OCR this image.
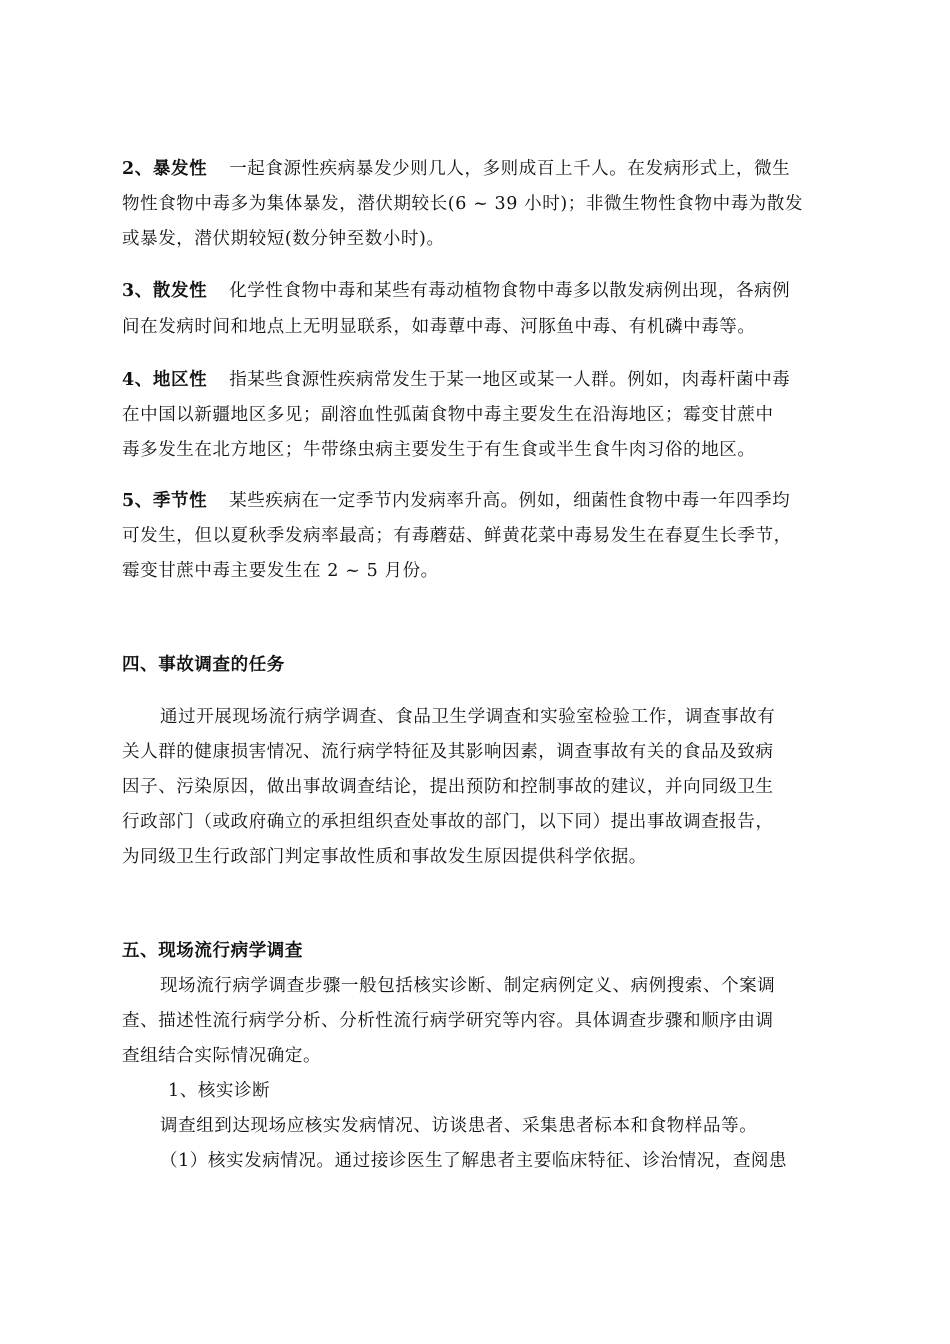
2、暴发性 一起食源性疾病暴发少则几人，多则成百上千人。在发病形式上，微生
物性食物中毒多为集体暴发，潜伏期较长(6 ~ 39 小时)；非微生物性食物中毒为散发
或暴发，潜伏期较短(数分钟至数小时)。
3、散发性 化学性食物中毒和某些有毒动植物食物中毒多以散发病例出现，各病例
间在发病时间和地点上无明显联系，如毒蕈中毒、河豚鱼中毒、有机磷中毒等。
4、地区性 指某些食源性疾病常发生于某一地区或某一人群。例如，肉毒杆菌中毒
在中国以新疆地区多见；副溶血性弧菌食物中毒主要发生在沿海地区；霉变甘蔗中
毒多发生在北方地区；牛带绦虫病主要发生于有生食或半生食牛肉习俗的地区。
5、季节性 某些疾病在一定季节内发病率升高。例如，细菌性食物中毒一年四季均
可发生，但以夏秋季发病率最高；有毒蘑菇、鲜黄花菜中毒易发生在春夏生长季节，
霉变甘蔗中毒主要发生在 2 ~ 5 月份。
四、事故调查的任务
通过开展现场流行病学调查、食品卫生学调查和实验室检验工作，调查事故有
关人群的健康损害情况、流行病学特征及其影响因素，调查事故有关的食品及致病
因子、污染原因，做出事故调查结论，提出预防和控制事故的建议，并向同级卫生
行政部门（或政府确立的承担组织查处事故的部门，以下同）提出事故调查报告，
为同级卫生行政部门判定事故性质和事故发生原因提供科学依据。
五、现场流行病学调查
现场流行病学调查步骤一般包括核实诊断、制定病例定义、病例搜索、个案调
查、描述性流行病学分析、分析性流行病学研究等内容。具体调查步骤和顺序由调
查组结合实际情况确定。
1、核实诊断
调查组到达现场应核实发病情况、访谈患者、采集患者标本和食物样品等。
（1）核实发病情况。通过接诊医生了解患者主要临床特征、诊治情况，查阅患
